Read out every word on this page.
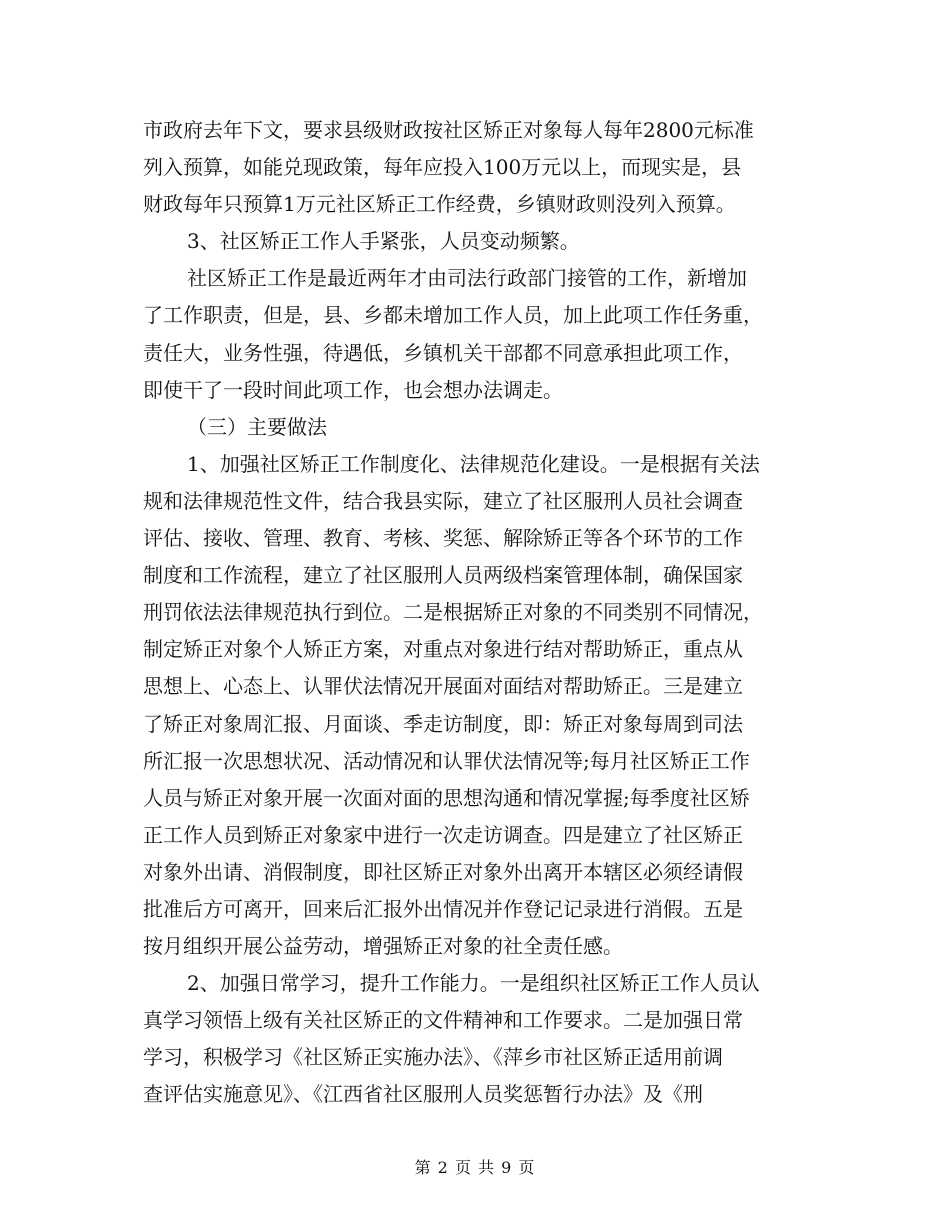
市政府去年下文，要求县级财政按社区矫正对象每人每年2800元标准
列入预算，如能兑现政策，每年应投入100万元以上，而现实是，县
财政每年只预算1万元社区矫正工作经费，乡镇财政则没列入预算。
3、社区矫正工作人手紧张，人员变动频繁。
社区矫正工作是最近两年才由司法行政部门接管的工作，新增加
了工作职责，但是，县、乡都未增加工作人员，加上此项工作任务重，
责任大，业务性强，待遇低，乡镇机关干部都不同意承担此项工作，
即使干了一段时间此项工作，也会想办法调走。
（三）主要做法
1、加强社区矫正工作制度化、法律规范化建设。一是根据有关法
规和法律规范性文件，结合我县实际，建立了社区服刑人员社会调查
评估、接收、管理、教育、考核、奖惩、解除矫正等各个环节的工作
制度和工作流程，建立了社区服刑人员两级档案管理体制，确保国家
刑罚依法法律规范执行到位。二是根据矫正对象的不同类别不同情况，
制定矫正对象个人矫正方案，对重点对象进行结对帮助矫正，重点从
思想上、心态上、认罪伏法情况开展面对面结对帮助矫正。三是建立
了矫正对象周汇报、月面谈、季走访制度，即：矫正对象每周到司法
所汇报一次思想状况、活动情况和认罪伏法情况等;每月社区矫正工作
人员与矫正对象开展一次面对面的思想沟通和情况掌握;每季度社区矫
正工作人员到矫正对象家中进行一次走访调查。四是建立了社区矫正
对象外出请、消假制度，即社区矫正对象外出离开本辖区必须经请假
批准后方可离开，回来后汇报外出情况并作登记记录进行消假。五是
按月组织开展公益劳动，增强矫正对象的社全责任感。
2、加强日常学习，提升工作能力。一是组织社区矫正工作人员认
真学习领悟上级有关社区矫正的文件精神和工作要求。二是加强日常
学习，积极学习《社区矫正实施办法》、《萍乡市社区矫正适用前调
查评估实施意见》、《江西省社区服刑人员奖惩暂行办法》及《刑
第 2 页 共 9 页
